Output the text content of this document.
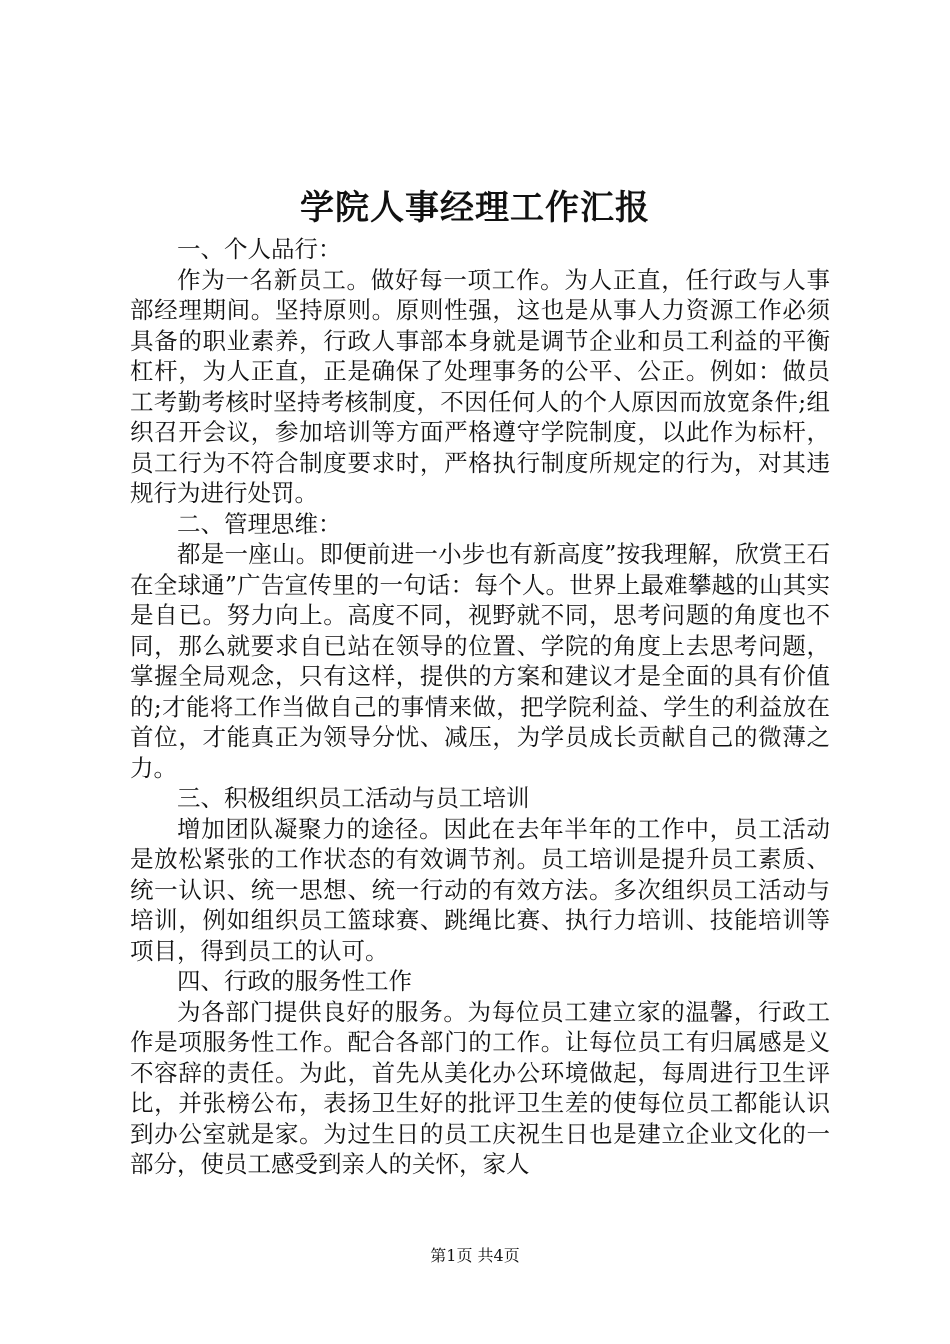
学院人事经理工作汇报

一、个人品行：

作为一名新员工。做好每一项工作。为人正直，任行政与人事部经理期间。坚持原则。原则性强，这也是从事人力资源工作必须具备的职业素养，行政人事部本身就是调节企业和员工利益的平衡杠杆，为人正直，正是确保了处理事务的公平、公正。例如：做员工考勤考核时坚持考核制度，不因任何人的个人原因而放宽条件;组织召开会议，参加培训等方面严格遵守学院制度，以此作为标杆，员工行为不符合制度要求时，严格执行制度所规定的行为，对其违规行为进行处罚。

二、管理思维：

都是一座山。即便前进一小步也有新高度”按我理解，欣赏王石在全球通”广告宣传里的一句话：每个人。世界上最难攀越的山其实是自已。努力向上。高度不同，视野就不同，思考问题的角度也不同，那么就要求自已站在领导的位置、学院的角度上去思考问题，掌握全局观念，只有这样，提供的方案和建议才是全面的具有价值的;才能将工作当做自己的事情来做，把学院利益、学生的利益放在首位，才能真正为领导分忧、减压，为学员成长贡献自己的微薄之力。

三、积极组织员工活动与员工培训

增加团队凝聚力的途径。因此在去年半年的工作中，员工活动是放松紧张的工作状态的有效调节剂。员工培训是提升员工素质、统一认识、统一思想、统一行动的有效方法。多次组织员工活动与培训，例如组织员工篮球赛、跳绳比赛、执行力培训、技能培训等项目，得到员工的认可。

四、行政的服务性工作

为各部门提供良好的服务。为每位员工建立家的温馨，行政工作是项服务性工作。配合各部门的工作。让每位员工有归属感是义不容辞的责任。为此，首先从美化办公环境做起，每周进行卫生评比，并张榜公布，表扬卫生好的批评卫生差的使每位员工都能认识到办公室就是家。为过生日的员工庆祝生日也是建立企业文化的一部分，使员工感受到亲人的关怀，家人

第1页 共4页
